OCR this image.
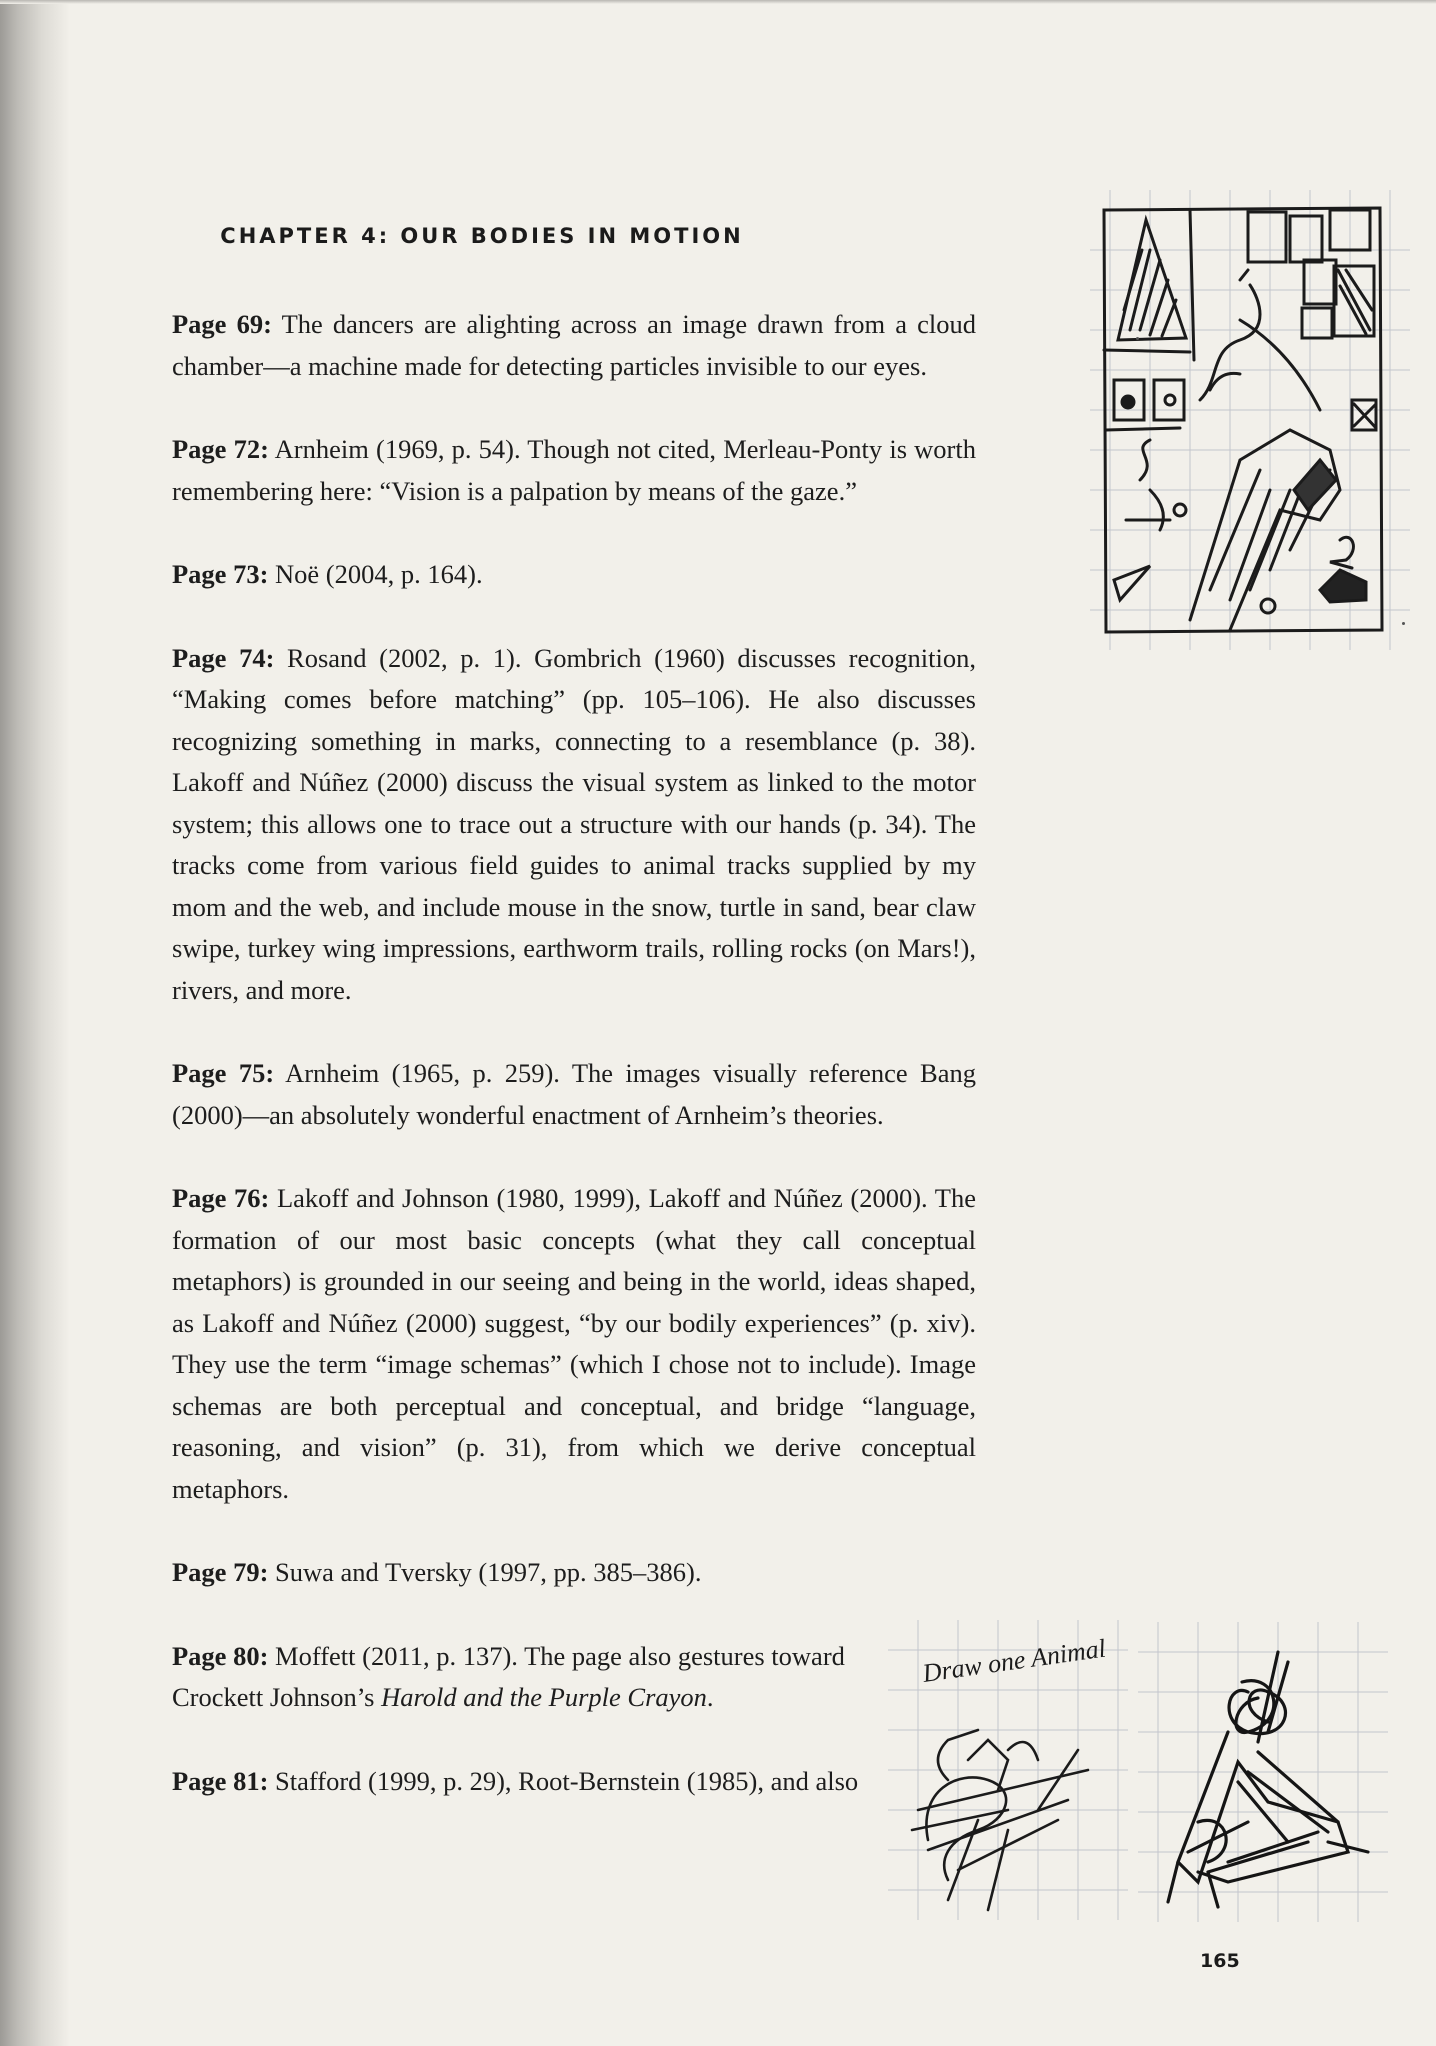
CHAPTER 4: OUR BODIES IN MOTION

Page 69: The dancers are alighting across an image drawn from a cloud chamber—a machine made for detecting particles invisible to our eyes.

Page 72: Arnheim (1969, p. 54). Though not cited, Merleau-Ponty is worth remembering here: “Vision is a palpation by means of the gaze.”

Page 73: Noë (2004, p. 164).

Page 74: Rosand (2002, p. 1). Gombrich (1960) discusses recognition, “Making comes before matching” (pp. 105–106). He also discusses recognizing something in marks, connecting to a resemblance (p. 38). Lakoff and Núñez (2000) discuss the visual system as linked to the motor system; this allows one to trace out a structure with our hands (p. 34). The tracks come from various field guides to animal tracks supplied by my mom and the web, and include mouse in the snow, turtle in sand, bear claw swipe, turkey wing impressions, earthworm trails, rolling rocks (on Mars!), rivers, and more.

Page 75: Arnheim (1965, p. 259). The images visually reference Bang (2000)—an absolutely wonderful enactment of Arnheim’s theories.

Page 76: Lakoff and Johnson (1980, 1999), Lakoff and Núñez (2000). The formation of our most basic concepts (what they call conceptual metaphors) is grounded in our seeing and being in the world, ideas shaped, as Lakoff and Núñez (2000) suggest, “by our bodily experiences” (p. xiv). They use the term “image schemas” (which I chose not to include). Image schemas are both perceptual and conceptual, and bridge “language, reasoning, and vision” (p. 31), from which we derive conceptual metaphors.

Page 79: Suwa and Tversky (1997, pp. 385–386).

Page 80: Moffett (2011, p. 137). The page also gestures toward Crockett Johnson’s Harold and the Purple Crayon.

Page 81: Stafford (1999, p. 29), Root-Bernstein (1985), and also

Draw one Animal
165
